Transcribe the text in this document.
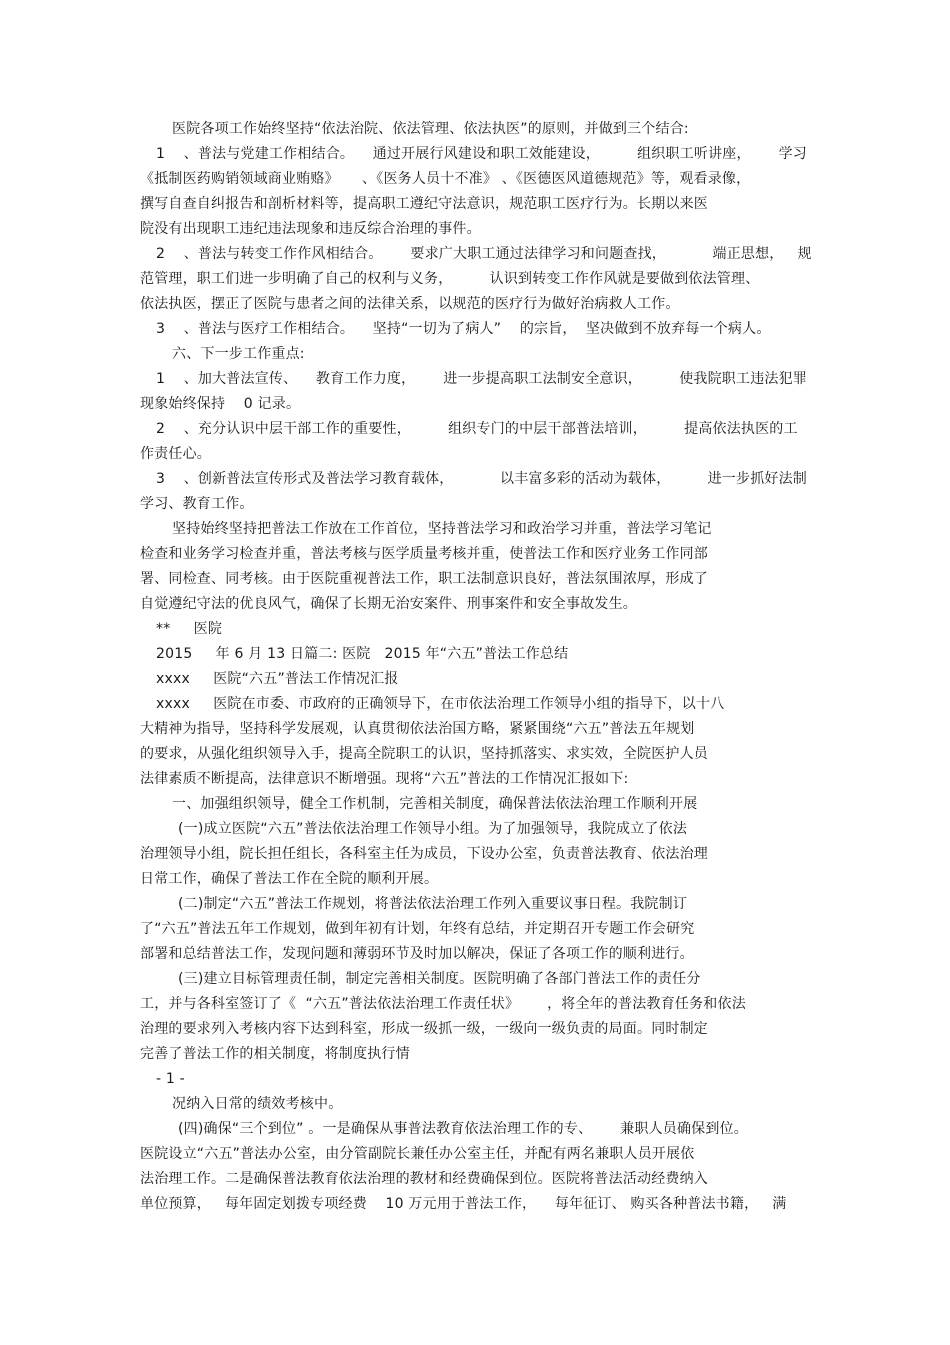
医院各项工作始终坚持“依法治院、依法管理、依法执医”的原则，并做到三个结合:
1    、普法与党建工作相结合。    通过开展行风建设和职工效能建设，        组织职工听讲座，      学习
《抵制医药购销领域商业贿赂》     、《医务人员十不准》 、《医德医风道德规范》等，观看录像，
撰写自查自纠报告和剖析材料等，提高职工遵纪守法意识，规范职工医疗行为。长期以来医
院没有出现职工违纪违法现象和违反综合治理的事件。
2    、普法与转变工作作风相结合。      要求广大职工通过法律学习和问题查找，          端正思想，   规
范管理，职工们进一步明确了自己的权利与义务，        认识到转变工作作风就是要做到依法管理、
依法执医，摆正了医院与患者之间的法律关系，以规范的医疗行为做好治病救人工作。
3    、普法与医疗工作相结合。    坚持“一切为了病人”    的宗旨，  坚决做到不放弃每一个病人。
六、下一步工作重点:
1    、加大普法宣传、    教育工作力度，      进一步提高职工法制安全意识，        使我院职工违法犯罪
现象始终保持    0 记录。
2    、充分认识中层干部工作的重要性，        组织专门的中层干部普法培训，        提高依法执医的工
作责任心。
3    、创新普法宣传形式及普法学习教育载体，          以丰富多彩的活动为载体，        进一步抓好法制
学习、教育工作。
坚持始终坚持把普法工作放在工作首位，坚持普法学习和政治学习并重，普法学习笔记
检查和业务学习检查并重，普法考核与医学质量考核并重，使普法工作和医疗业务工作同部
署、同检查、同考核。由于医院重视普法工作，职工法制意识良好，普法氛围浓厚，形成了
自觉遵纪守法的优良风气，确保了长期无治安案件、刑事案件和安全事故发生。
**     医院
2015     年 6 月 13 日篇二: 医院   2015 年“六五”普法工作总结
xxxx     医院“六五”普法工作情况汇报
xxxx     医院在市委、市政府的正确领导下，在市依法治理工作领导小组的指导下，以十八
大精神为指导，坚持科学发展观，认真贯彻依法治国方略，紧紧围绕“六五”普法五年规划
的要求，从强化组织领导入手，提高全院职工的认识，坚持抓落实、求实效，全院医护人员
法律素质不断提高，法律意识不断增强。现将“六五”普法的工作情况汇报如下:
一、加强组织领导，健全工作机制，完善相关制度，确保普法依法治理工作顺利开展
(一)成立医院“六五”普法依法治理工作领导小组。为了加强领导，我院成立了依法
治理领导小组，院长担任组长，各科室主任为成员，下设办公室，负责普法教育、依法治理
日常工作，确保了普法工作在全院的顺利开展。
(二)制定“六五”普法工作规划，将普法依法治理工作列入重要议事日程。我院制订
了“六五”普法五年工作规划，做到年初有计划，年终有总结，并定期召开专题工作会研究
部署和总结普法工作，发现问题和薄弱环节及时加以解决，保证了各项工作的顺利进行。
(三)建立目标管理责任制，制定完善相关制度。医院明确了各部门普法工作的责任分
工，并与各科室签订了《  “六五”普法依法治理工作责任状》      ，将全年的普法教育任务和依法
治理的要求列入考核内容下达到科室，形成一级抓一级，一级向一级负责的局面。同时制定
完善了普法工作的相关制度，将制度执行情
- 1 -
况纳入日常的绩效考核中。
(四)确保“三个到位” 。一是确保从事普法教育依法治理工作的专、      兼职人员确保到位。
医院设立“六五”普法办公室，由分管副院长兼任办公室主任，并配有两名兼职人员开展依
法治理工作。二是确保普法教育依法治理的教材和经费确保到位。医院将普法活动经费纳入
单位预算，   每年固定划拨专项经费    10 万元用于普法工作，    每年征订、 购买各种普法书籍，   满
